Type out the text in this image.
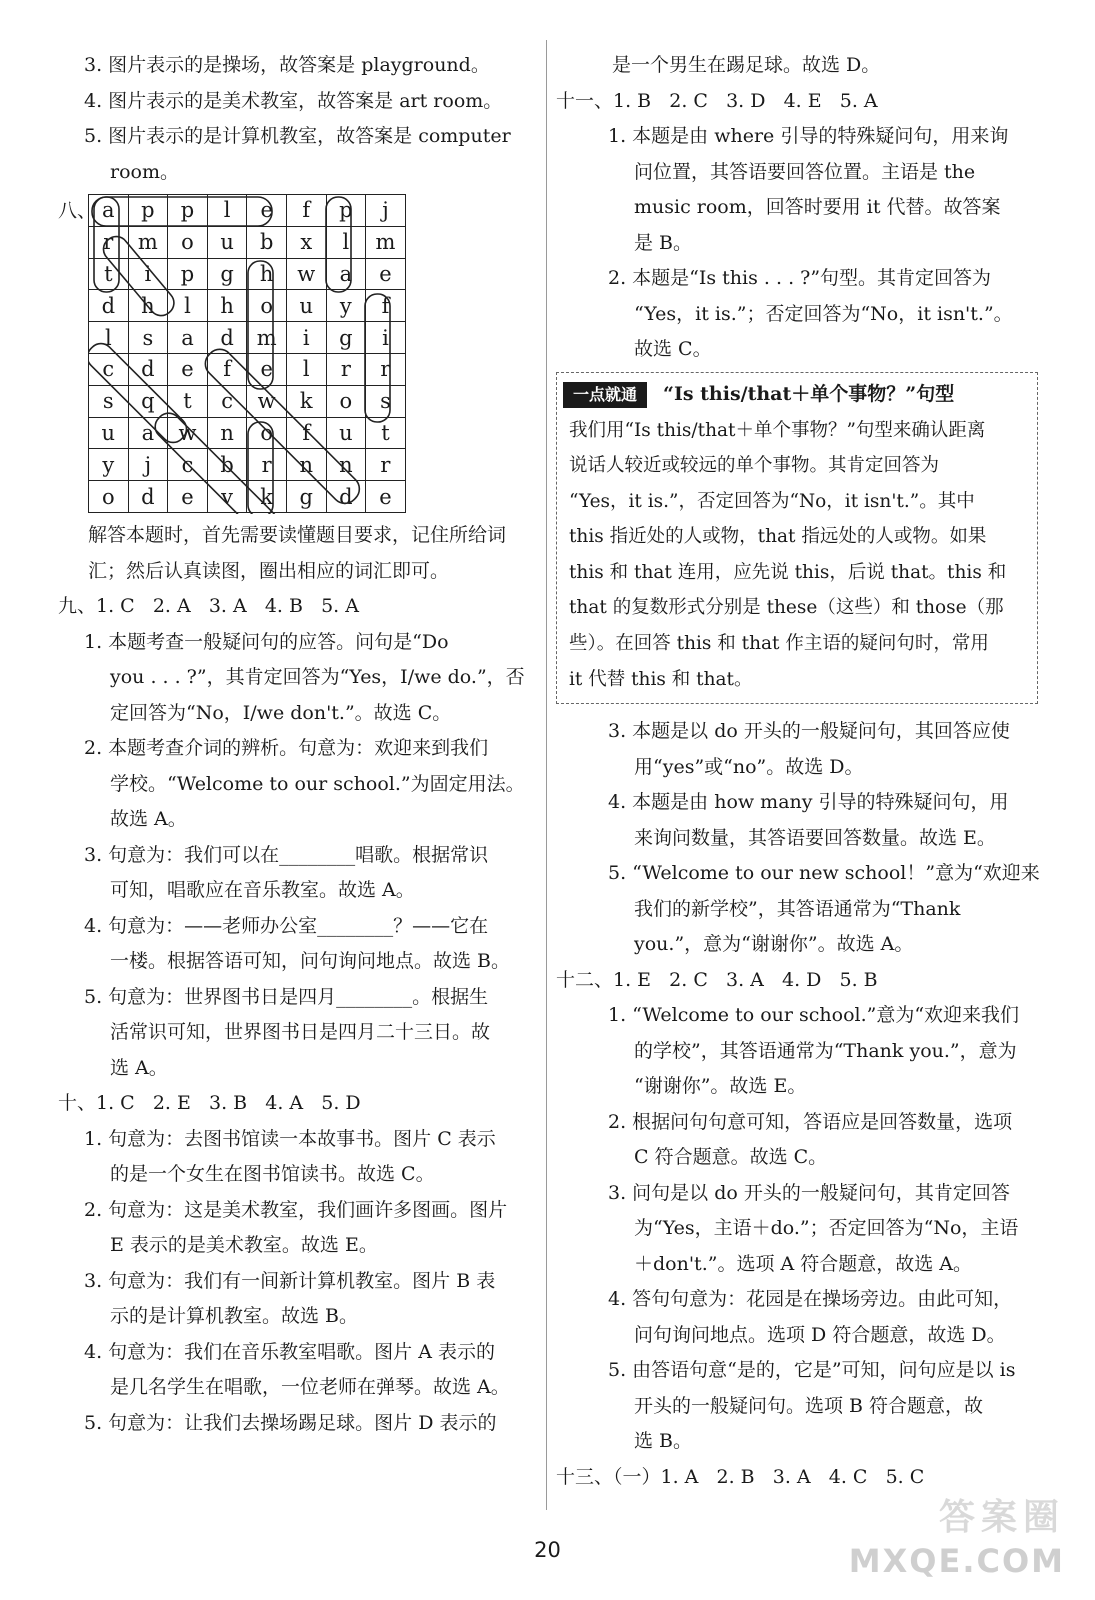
3. 图片表示的是操场，故答案是 playground。
4. 图片表示的是美术教室，故答案是 art room。
5. 图片表示的是计算机教室，故答案是 computer
room。
八、 a	p	p	l	e	f	p	j
r	m	o	u	b	x	l	m
t	i	p	g	h	w	a	e
d	h	l	h	o	u	y	f
l	s	a	d	m	i	g	i
c	d	e	f	e	l	r	r
s	q	t	c	w	k	o	s
u	a	w	n	o	f	u	t
y	j	c	b	r	n	n	r
o	d	e	v	k	g	d	e
解答本题时，首先需要读懂题目要求，记住所给词
汇；然后认真读图，圈出相应的词汇即可。
九、1. C   2. A   3. A   4. B   5. A
1. 本题考查一般疑问句的应答。问句是“Do
you . . . ?”，其肯定回答为“Yes，I/we do.”，否
定回答为“No，I/we don't.”。故选 C。
2. 本题考查介词的辨析。句意为：欢迎来到我们
学校。“Welcome to our school.”为固定用法。
故选 A。
3. 句意为：我们可以在________唱歌。根据常识
可知，唱歌应在音乐教室。故选 A。
4. 句意为：——老师办公室________？——它在
一楼。根据答语可知，问句询问地点。故选 B。
5. 句意为：世界图书日是四月________。根据生
活常识可知，世界图书日是四月二十三日。故
选 A。
十、1. C   2. E   3. B   4. A   5. D
1. 句意为：去图书馆读一本故事书。图片 C 表示
的是一个女生在图书馆读书。故选 C。
2. 句意为：这是美术教室，我们画许多图画。图片
E 表示的是美术教室。故选 E。
3. 句意为：我们有一间新计算机教室。图片 B 表
示的是计算机教室。故选 B。
4. 句意为：我们在音乐教室唱歌。图片 A 表示的
是几名学生在唱歌，一位老师在弹琴。故选 A。
5. 句意为：让我们去操场踢足球。图片 D 表示的
是一个男生在踢足球。故选 D。
十一、1. B   2. C   3. D   4. E   5. A
1. 本题是由 where 引导的特殊疑问句，用来询
问位置，其答语要回答位置。主语是 the
music room，回答时要用 it 代替。故答案
是 B。
2. 本题是“Is this . . . ?”句型。其肯定回答为
“Yes，it is.”；否定回答为“No，it isn't.”。
故选 C。
一点就通	“Is this/that＋单个事物？”句型
我们用“Is this/that＋单个事物？”句型来确认距离
说话人较近或较远的单个事物。其肯定回答为
“Yes，it is.”，否定回答为“No，it isn't.”。其中
this 指近处的人或物，that 指远处的人或物。如果
this 和 that 连用，应先说 this，后说 that。this 和
that 的复数形式分别是 these（这些）和 those（那
些）。在回答 this 和 that 作主语的疑问句时，常用
it 代替 this 和 that。
3. 本题是以 do 开头的一般疑问句，其回答应使
用“yes”或“no”。故选 D。
4. 本题是由 how many 引导的特殊疑问句，用
来询问数量，其答语要回答数量。故选 E。
5. “Welcome to our new school！”意为“欢迎来
我们的新学校”，其答语通常为“Thank
you.”，意为“谢谢你”。故选 A。
十二、1. E   2. C   3. A   4. D   5. B
1. “Welcome to our school.”意为“欢迎来我们
的学校”，其答语通常为“Thank you.”，意为
“谢谢你”。故选 E。
2. 根据问句句意可知，答语应是回答数量，选项
C 符合题意。故选 C。
3. 问句是以 do 开头的一般疑问句，其肯定回答
为“Yes，主语＋do.”；否定回答为“No，主语
＋don't.”。选项 A 符合题意，故选 A。
4. 答句句意为：花园是在操场旁边。由此可知，
问句询问地点。选项 D 符合题意，故选 D。
5. 由答语句意“是的，它是”可知，问句应是以 is
开头的一般疑问句。选项 B 符合题意，故
选 B。
十三、（一）1. A   2. B   3. A   4. C   5. C
20
答案圈
MXQE.COM
